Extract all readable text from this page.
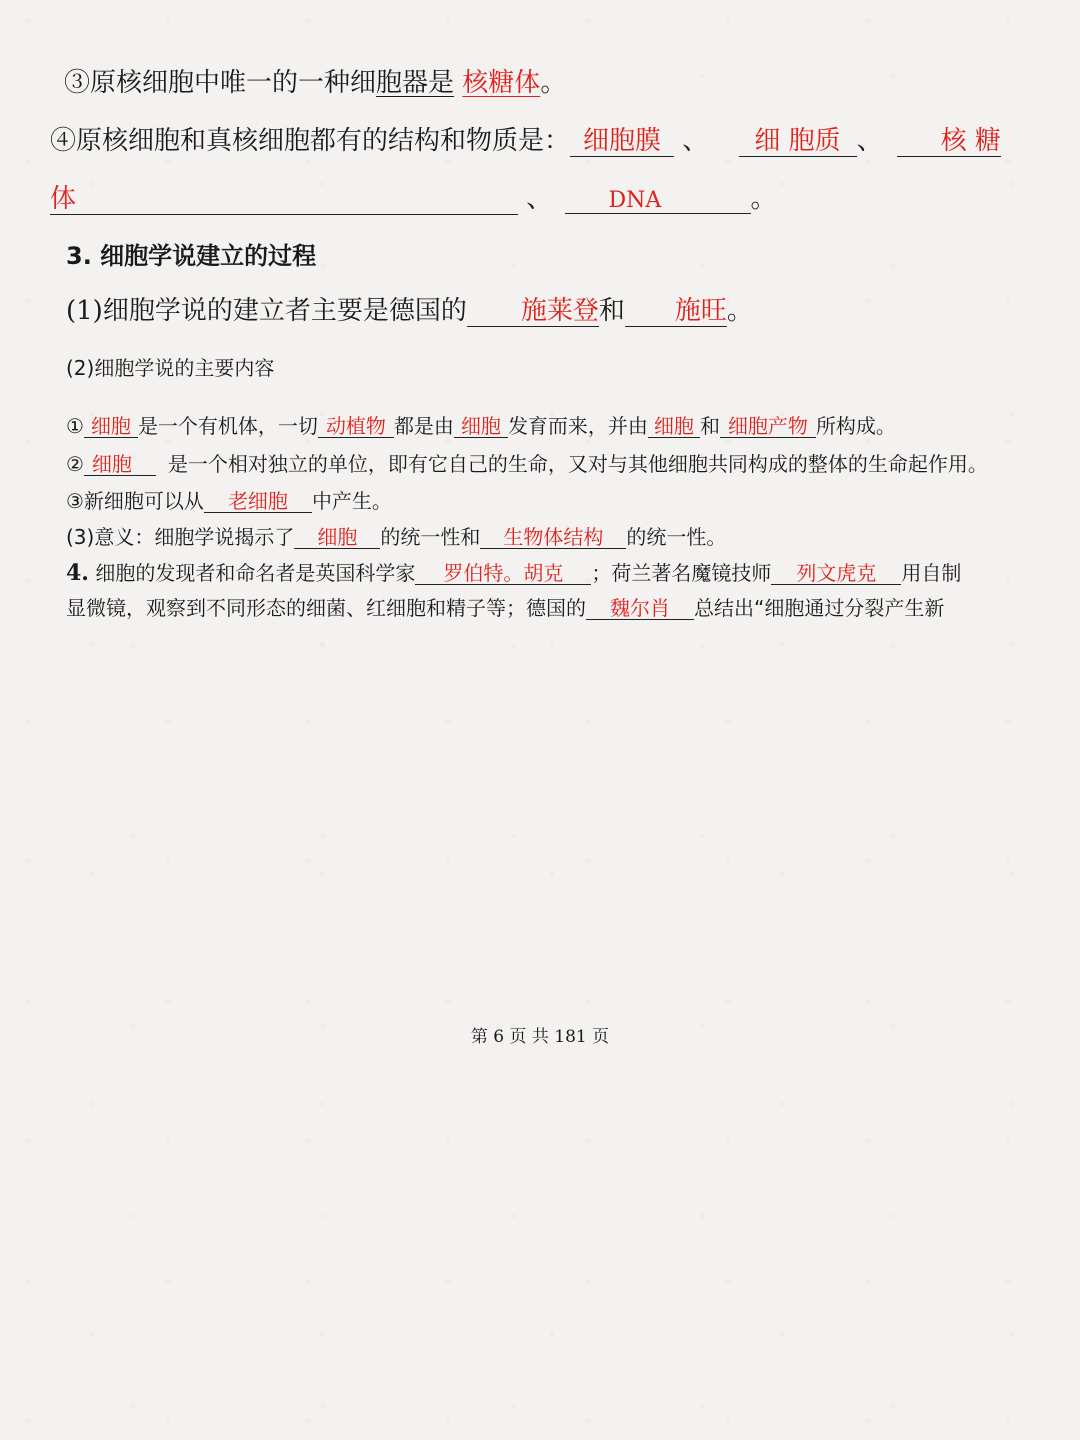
③原核细胞中唯一的一种细胞器是 核糖体。
④原核细胞和真核细胞都有的结构和物质是： 细胞膜 、 细 胞质 、 核 糖
体	、	DNA	。
3. 细胞学说建立的过程
(1)细胞学说的建立者主要是德国的 施莱登和 施旺。
(2)细胞学说的主要内容
① 细胞 是一个有机体，一切 动植物 都是由 细胞 发育而来，并由 细胞 和 细胞产物 所构成。
② 细胞 是一个相对独立的单位，即有它自己的生命，又对与其他细胞共同构成的整体的生命起作用。
③新细胞可以从 老细胞 中产生。
(3)意义：细胞学说揭示了 细胞 的统一性和 生物体结构 的统一性。
4. 细胞的发现者和命名者是英国科学家 罗伯特。胡克 ；荷兰著名魔镜技师 列文虎克 用自制
显微镜，观察到不同形态的细菌、红细胞和精子等；德国的 魏尔肖 总结出“细胞通过分裂产生新
第 6 页 共 181 页
